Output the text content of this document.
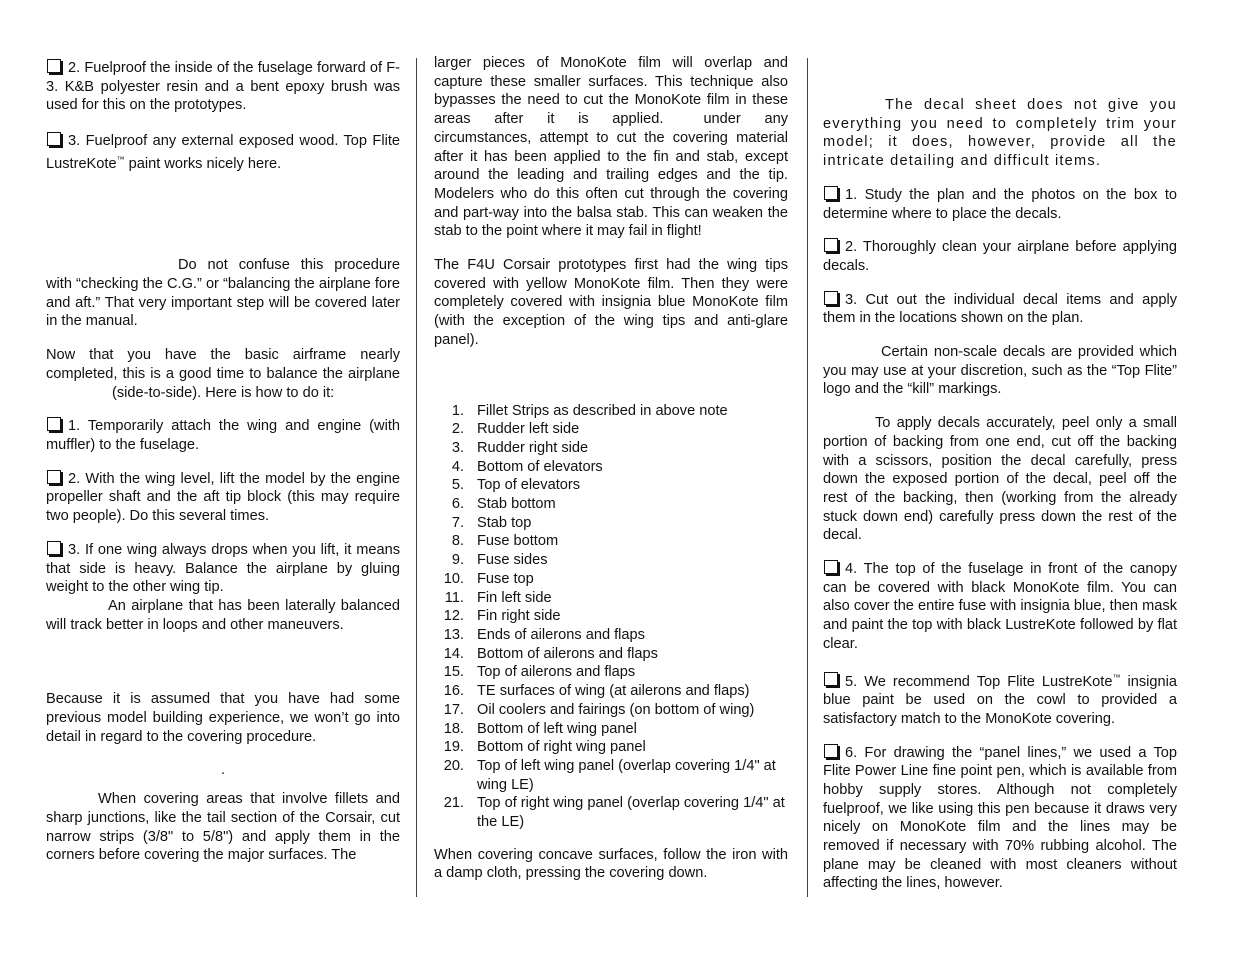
2. Fuelproof the inside of the fuselage forward of F-3. K&B polyester resin and a bent epoxy brush was used for this on the prototypes.

3. Fuelproof any external exposed wood. Top Flite LustreKote™ paint works nicely here.

Do not confuse this procedure with “checking the C.G.” or “balancing the airplane fore and aft.” That very important step will be covered later in the manual.

Now that you have the basic airframe nearly completed, this is a good time to balance the airplane(side-to-side). Here is how to do it:

1. Temporarily attach the wing and engine (with muffler) to the fuselage.

2. With the wing level, lift the model by the engine propeller shaft and the aft tip block (this may require two people). Do this several times.

3. If one wing always drops when you lift, it means that side is heavy. Balance the airplane by gluing weight to the other wing tip.

An airplane that has been laterally balanced will track better in loops and other maneuvers.

Because it is assumed that you have had some previous model building experience, we won’t go into detail in regard to the covering procedure.

.

When covering areas that involve fillets and sharp junctions, like the tail section of the Corsair, cut narrow strips (3/8" to 5/8") and apply them in the corners before covering the major surfaces. The

larger pieces of MonoKote film will overlap and capture these smaller surfaces. This technique also bypasses the need to cut the MonoKote film in these areas after it is applied.	under any circumstances, attempt to cut the covering material after it has been applied to the fin and stab, except around the leading and trailing edges and the tip. Modelers who do this often cut through the covering and part-way into the balsa stab. This can weaken the stab to the point where it may fail in flight!

The F4U Corsair prototypes first had the wing tips covered with yellow MonoKote film. Then they were completely covered with insignia blue MonoKote film (with the exception of the wing tips and anti-glare panel).

1. Fillet Strips as described in above note
2. Rudder left side
3. Rudder right side
4. Bottom of elevators
5. Top of elevators
6. Stab bottom
7. Stab top
8. Fuse bottom
9. Fuse sides
10. Fuse top
11. Fin left side
12. Fin right side
13. Ends of ailerons and flaps
14. Bottom of ailerons and flaps
15. Top of ailerons and flaps
16. TE surfaces of wing (at ailerons and flaps)
17. Oil coolers and fairings (on bottom of wing)
18. Bottom of left wing panel
19. Bottom of right wing panel
20. Top of left wing panel (overlap covering 1/4" at wing LE)
21. Top of right wing panel (overlap covering 1/4" at the LE)

When covering concave surfaces, follow the iron with a damp cloth, pressing the covering down.

The decal sheet does not give you everything you need to completely trim your model; it does, however, provide all the intricate detailing and difficult items.

1. Study the plan and the photos on the box to determine where to place the decals.

2. Thoroughly clean your airplane before applying decals.

3. Cut out the individual decal items and apply them in the locations shown on the plan.

Certain non-scale decals are provided which you may use at your discretion, such as the “Top Flite” logo and the “kill” markings.

To apply decals accurately, peel only a small portion of backing from one end, cut off the backing with a scissors, position the decal carefully, press down the exposed portion of the decal, peel off the rest of the backing, then (working from the already stuck down end) carefully press down the rest of the decal.

4. The top of the fuselage in front of the canopy can be covered with black MonoKote film. You can also cover the entire fuse with insignia blue, then mask and paint the top with black LustreKote followed by flat clear.

5. We recommend Top Flite LustreKote™ insignia blue paint be used on the cowl to provided a satisfactory match to the MonoKote covering.

6. For drawing the “panel lines,” we used a Top Flite Power Line fine point pen, which is available from hobby supply stores. Although not completely fuelproof, we like using this pen because it draws very nicely on MonoKote film and the lines may be removed if necessary with 70% rubbing alcohol. The plane may be cleaned with most cleaners without affecting the lines, however.
